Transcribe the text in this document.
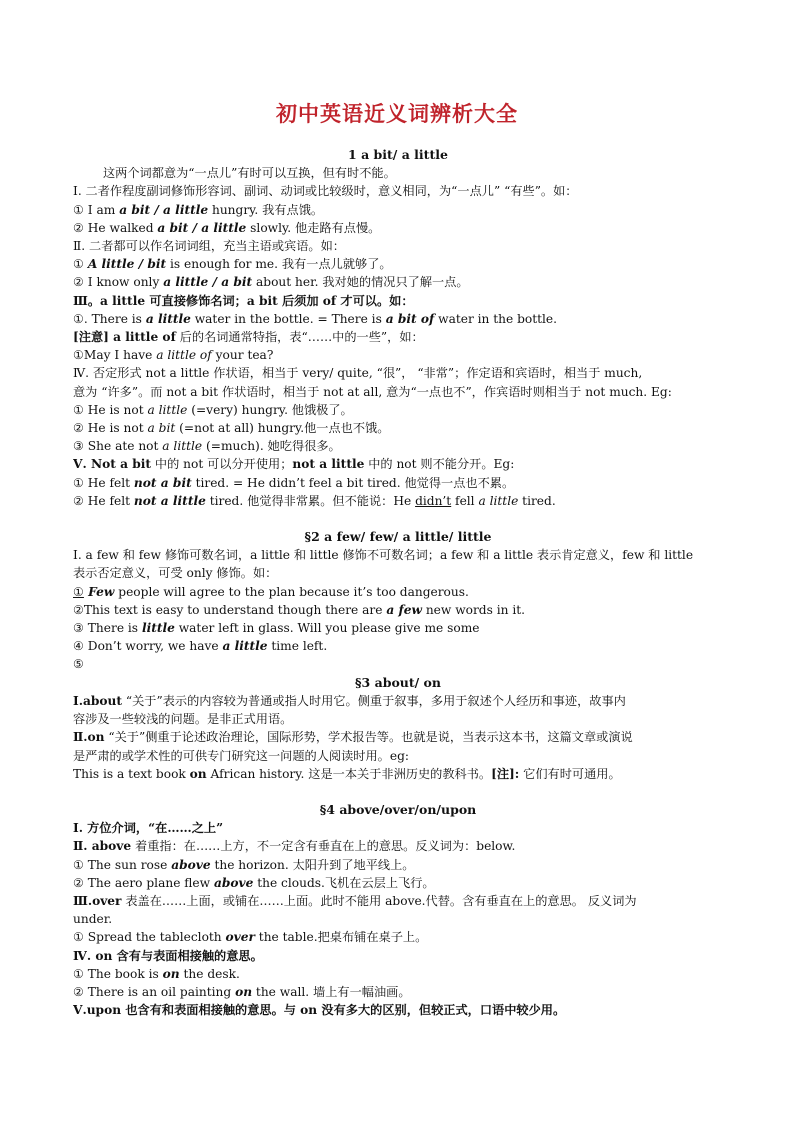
初中英语近义词辨析大全
1 a bit/ a little
这两个词都意为“一点儿”有时可以互换，但有时不能。
Ⅰ. 二者作程度副词修饰形容词、副词、动词或比较级时，意义相同，为“一点儿” “有些”。如：
① I am a bit / a little hungry. 我有点饿。
② He walked a bit / a little slowly. 他走路有点慢。
Ⅱ. 二者都可以作名词词组，充当主语或宾语。如：
① A little / bit is enough for me. 我有一点儿就够了。
② I know only a little / a bit about her. 我对她的情况只了解一点。
Ⅲ。a little 可直接修饰名词；a bit 后须加 of 才可以。如：
①. There is a little water in the bottle. = There is a bit of water in the bottle.
[注意] a little of 后的名词通常特指，表“……中的一些”，如：
①May I have a little of your tea?
Ⅳ. 否定形式 not a little 作状语，相当于 very/ quite, “很”， “非常”；作定语和宾语时，相当于 much,
意为 “许多”。而 not a bit 作状语时，相当于 not at all, 意为“一点也不”，作宾语时则相当于 not much. Eg:
① He is not a little (=very) hungry. 他饿极了。
② He is not a bit (=not at all) hungry.他一点也不饿。
③ She ate not a little (=much). 她吃得很多。
Ⅴ. Not a bit 中的 not 可以分开使用；not a little 中的 not 则不能分开。Eg:
① He felt not a bit tired. = He didn’t feel a bit tired. 他觉得一点也不累。
② He felt not a little tired. 他觉得非常累。但不能说：He didn’t fell a little tired.
§2 a few/ few/ a little/ little
Ⅰ. a few 和 few 修饰可数名词，a little 和 little 修饰不可数名词；a few 和 a little 表示肯定意义，few 和 little
表示否定意义，可受 only 修饰。如：
① Few people will agree to the plan because it’s too dangerous.
②This text is easy to understand though there are a few new words in it.
③ There is little water left in glass. Will you please give me some
④ Don’t worry, we have a little time left.
⑤
§3 about/ on
Ⅰ.about “关于”表示的内容较为普通或指人时用它。侧重于叙事，多用于叙述个人经历和事迹，故事内
容涉及一些较浅的问题。是非正式用语。
Ⅱ.on “关于”侧重于论述政治理论，国际形势，学术报告等。也就是说，当表示这本书，这篇文章或演说
是严肃的或学术性的可供专门研究这一问题的人阅读时用。eg:
This is a text book on African history. 这是一本关于非洲历史的教科书。[注]: 它们有时可通用。
§4 above/over/on/upon
Ⅰ. 方位介词，“在……之上”
Ⅱ. above 着重指：在……上方，不一定含有垂直在上的意思。反义词为：below.
① The sun rose above the horizon. 太阳升到了地平线上。
② The aero plane flew above the clouds.飞机在云层上飞行。
Ⅲ.over 表盖在……上面，或铺在……上面。此时不能用 above.代替。含有垂直在上的意思。 反义词为
under.
① Spread the tablecloth over the table.把桌布铺在桌子上。
Ⅳ. on 含有与表面相接触的意思。
① The book is on the desk.
② There is an oil painting on the wall. 墙上有一幅油画。
Ⅴ.upon 也含有和表面相接触的意思。与 on 没有多大的区别，但较正式，口语中较少用。
